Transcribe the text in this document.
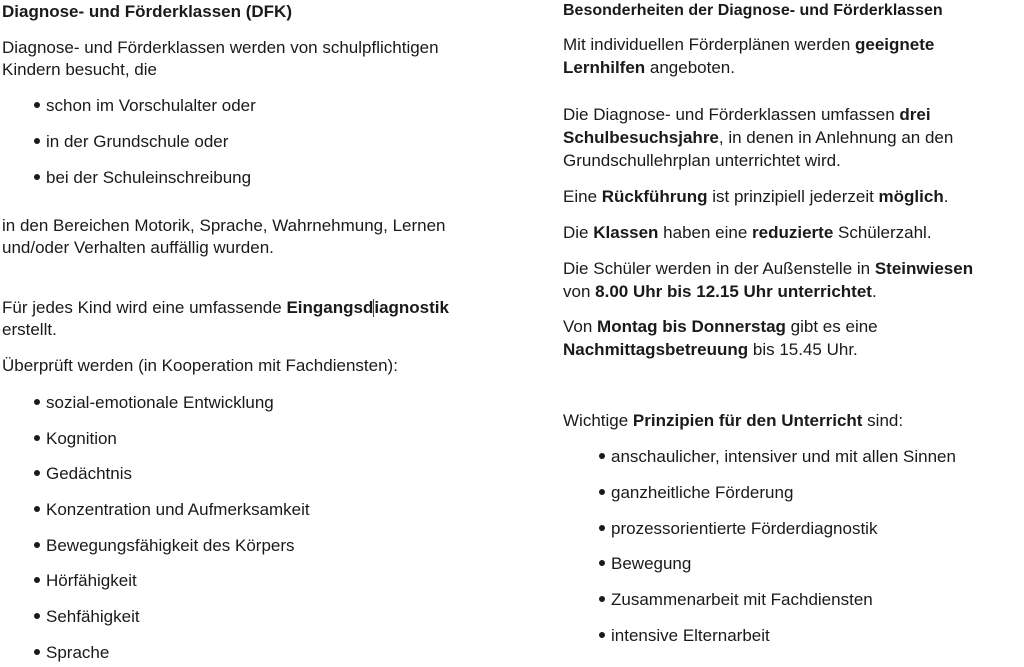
Diagnose- und Förderklassen (DFK)
Diagnose- und Förderklassen werden von schulpflichtigen
Kindern besucht, die
schon im Vorschulalter oder
in der Grundschule oder
bei der Schuleinschreibung
in den Bereichen Motorik, Sprache, Wahrnehmung, Lernen
und/oder Verhalten auffällig wurden.
Für jedes Kind wird eine umfassende Eingangsdiagnostik
erstellt.
Überprüft werden (in Kooperation mit Fachdiensten):
sozial-emotionale Entwicklung
Kognition
Gedächtnis
Konzentration und Aufmerksamkeit
Bewegungsfähigkeit des Körpers
Hörfähigkeit
Sehfähigkeit
Sprache
Besonderheiten der Diagnose- und Förderklassen
Mit individuellen Förderplänen werden geeignete
Lernhilfen angeboten.
Die Diagnose- und Förderklassen umfassen drei
Schulbesuchsjahre, in denen in Anlehnung an den
Grundschullehrplan unterrichtet wird.
Eine Rückführung ist prinzipiell jederzeit möglich.
Die Klassen haben eine reduzierte Schülerzahl.
Die Schüler werden in der Außenstelle in Steinwiesen
von 8.00 Uhr bis 12.15 Uhr unterrichtet.
Von Montag bis Donnerstag gibt es eine
Nachmittagsbetreuung bis 15.45 Uhr.
Wichtige Prinzipien für den Unterricht sind:
anschaulicher, intensiver und mit allen Sinnen
ganzheitliche Förderung
prozessorientierte Förderdiagnostik
Bewegung
Zusammenarbeit mit Fachdiensten
intensive Elternarbeit
